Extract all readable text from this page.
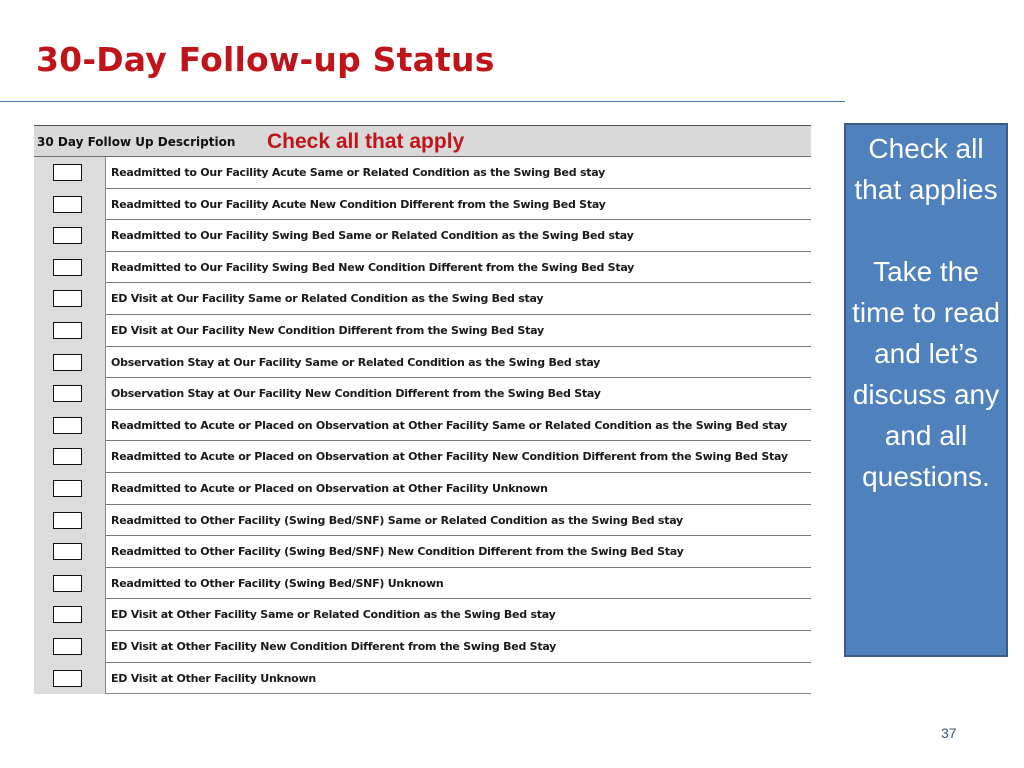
30-Day Follow-up Status
30 Day Follow Up Description Check all that apply
Readmitted to Our Facility Acute Same or Related Condition as the Swing Bed stay
Readmitted to Our Facility Acute New Condition Different from the Swing Bed Stay
Readmitted to Our Facility Swing Bed Same or Related Condition as the Swing Bed stay
Readmitted to Our Facility Swing Bed New Condition Different from the Swing Bed Stay
ED Visit at Our Facility Same or Related Condition as the Swing Bed stay
ED Visit at Our Facility New Condition Different from the Swing Bed Stay
Observation Stay at Our Facility Same or Related Condition as the Swing Bed stay
Observation Stay at Our Facility New Condition Different from the Swing Bed Stay
Readmitted to Acute or Placed on Observation at Other Facility Same or Related Condition as the Swing Bed stay
Readmitted to Acute or Placed on Observation at Other Facility New Condition Different from the Swing Bed Stay
Readmitted to Acute or Placed on Observation at Other Facility Unknown
Readmitted to Other Facility (Swing Bed/SNF) Same or Related Condition as the Swing Bed stay
Readmitted to Other Facility (Swing Bed/SNF) New Condition Different from the Swing Bed Stay
Readmitted to Other Facility (Swing Bed/SNF) Unknown
ED Visit at Other Facility Same or Related Condition as the Swing Bed stay
ED Visit at Other Facility New Condition Different from the Swing Bed Stay
ED Visit at Other Facility Unknown

Check all that applies

Take the time to read and let’s discuss any and all questions.

37
